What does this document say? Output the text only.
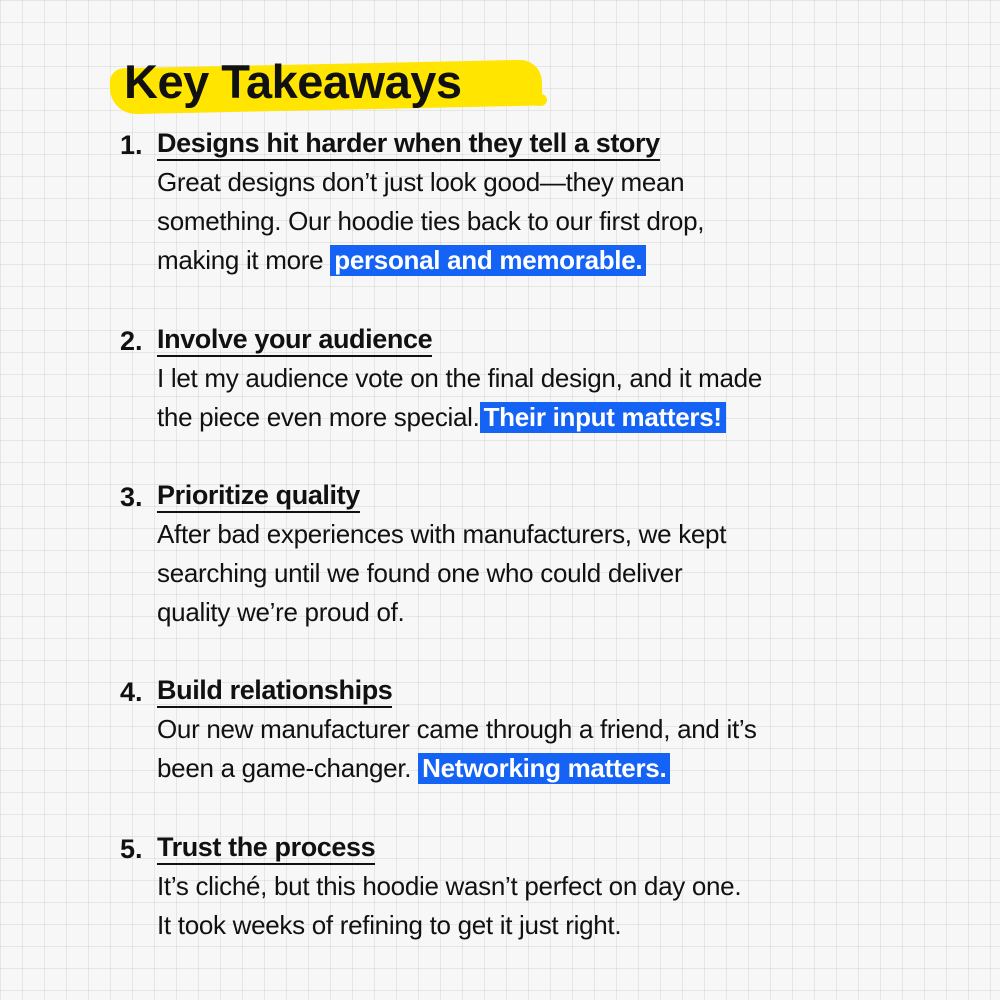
Key Takeaways
1. Designs hit harder when they tell a story
Great designs don’t just look good—they mean
something. Our hoodie ties back to our first drop,
making it more personal and memorable.
2. Involve your audience
I let my audience vote on the final design, and it made
the piece even more special. Their input matters!
3. Prioritize quality
After bad experiences with manufacturers, we kept
searching until we found one who could deliver
quality we’re proud of.
4. Build relationships
Our new manufacturer came through a friend, and it’s
been a game-changer. Networking matters.
5. Trust the process
It’s cliché, but this hoodie wasn’t perfect on day one.
It took weeks of refining to get it just right.
